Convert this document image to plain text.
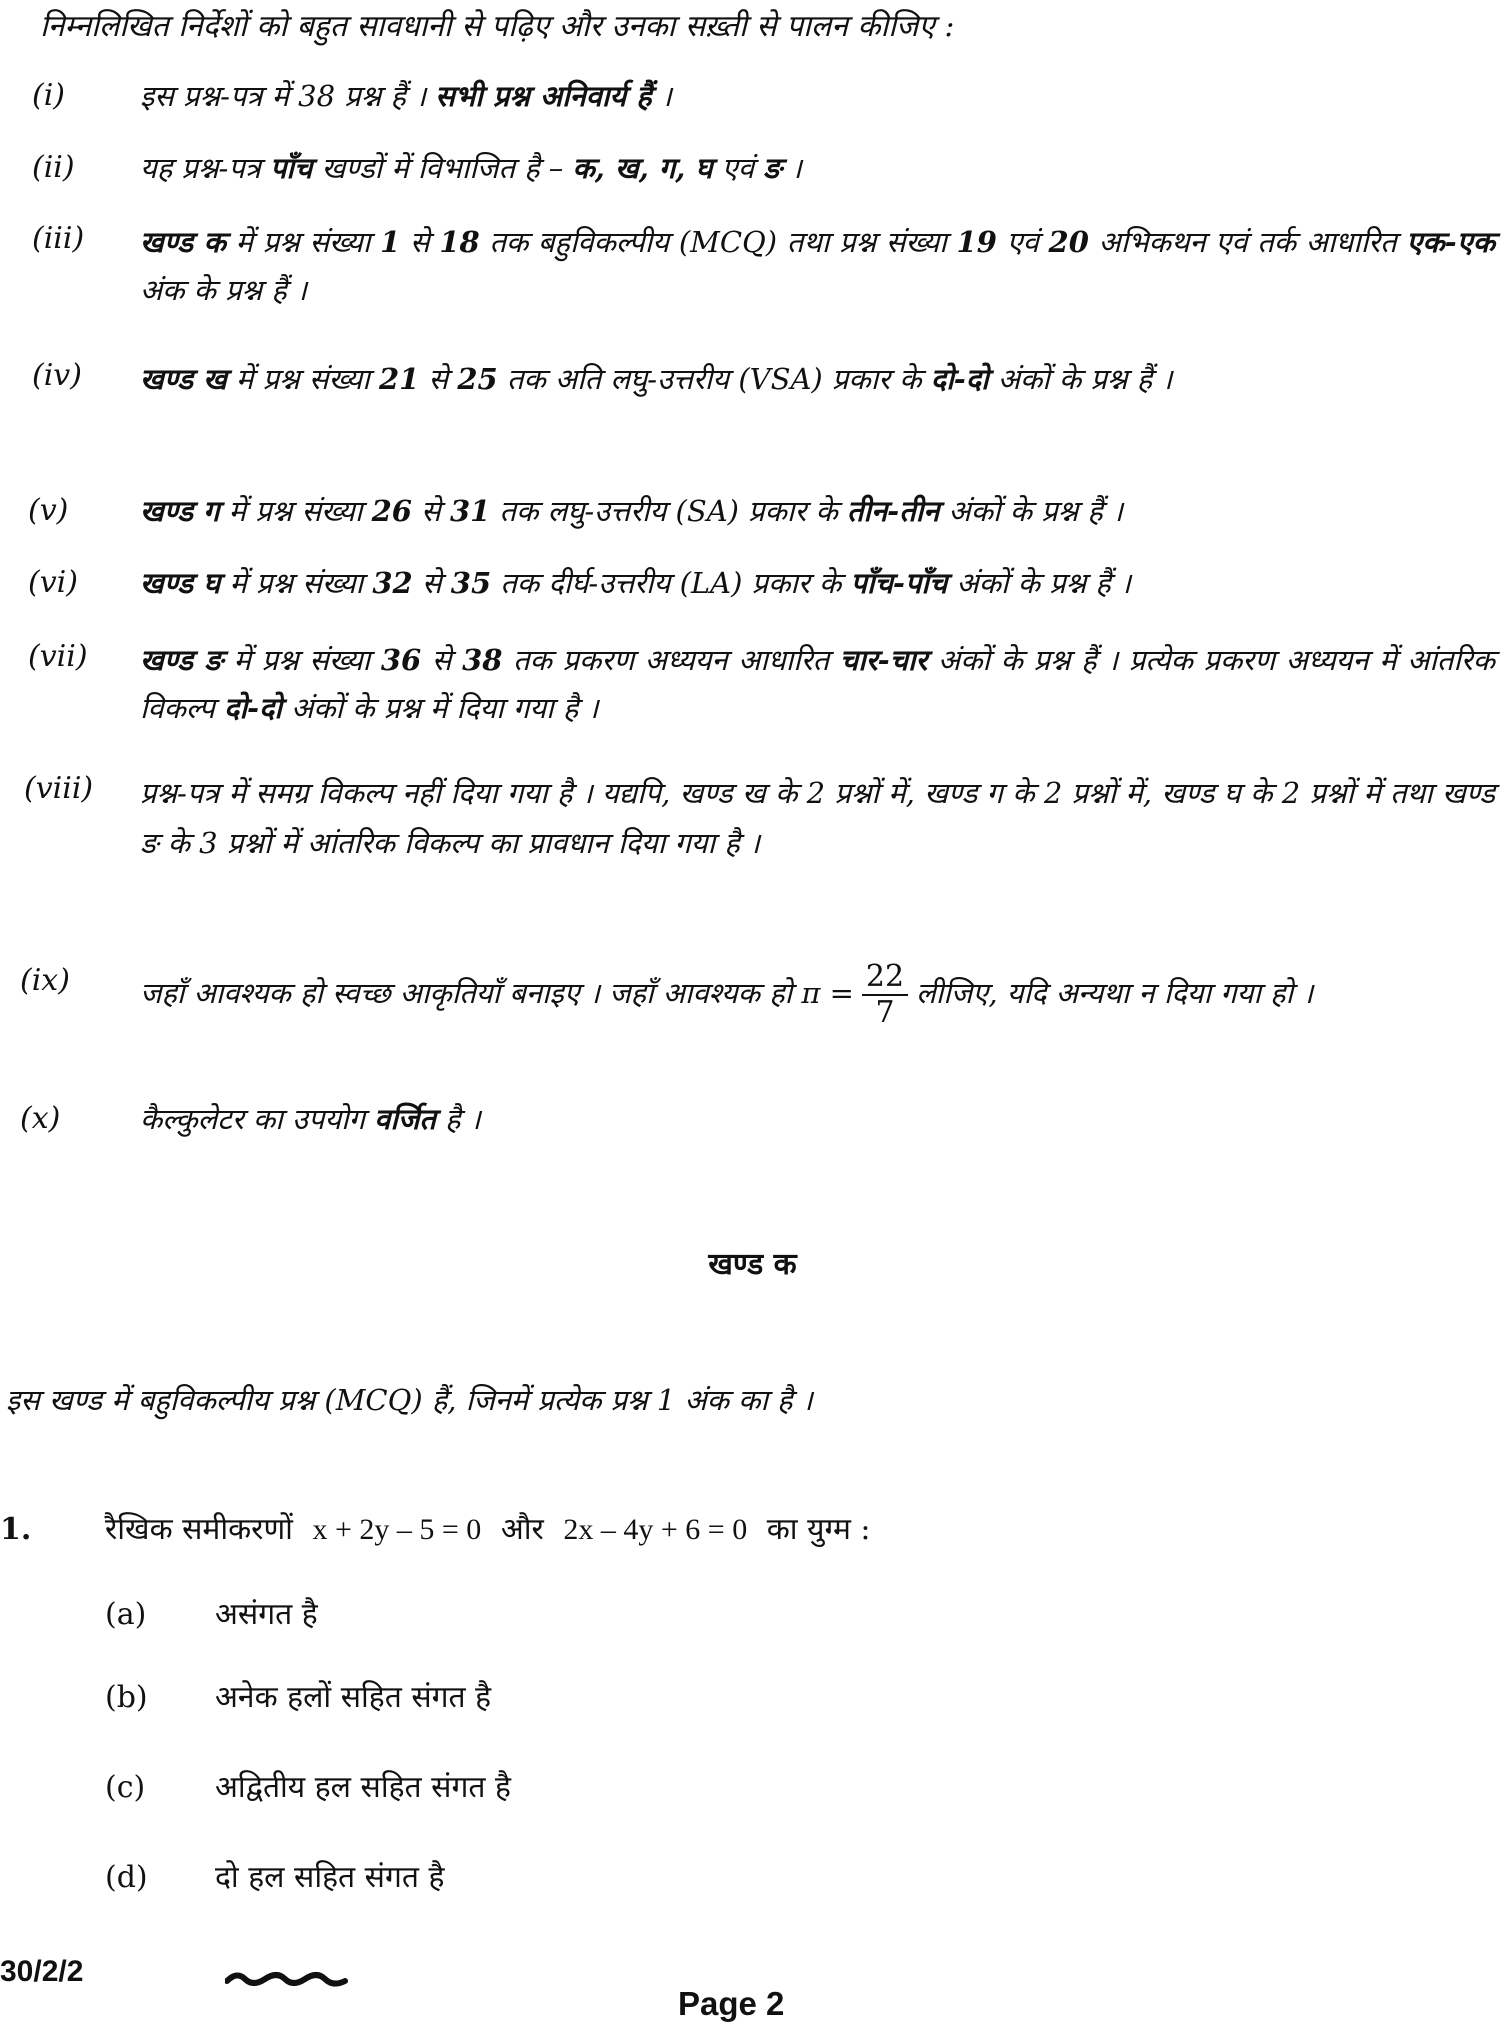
निम्नलिखित निर्देशों को बहुत सावधानी से पढ़िए और उनका सख़्ती से पालन कीजिए :
(i)	इस प्रश्न-पत्र में 38 प्रश्न हैं । सभी प्रश्न अनिवार्य हैं ।
(ii) यह प्रश्न-पत्र पाँच खण्डों में विभाजित है – क, ख, ग, घ एवं ङ ।
(iii) खण्ड क में प्रश्न संख्या 1 से 18 तक बहुविकल्पीय (MCQ) तथा प्रश्न संख्या 19 एवं 20 अभिकथन एवं तर्क आधारित एक-एक अंक के प्रश्न हैं ।
(iv) खण्ड ख में प्रश्न संख्या 21 से 25 तक अति लघु-उत्तरीय (VSA) प्रकार के दो-दो अंकों के प्रश्न हैं ।
(v) खण्ड ग में प्रश्न संख्या 26 से 31 तक लघु-उत्तरीय (SA) प्रकार के तीन-तीन अंकों के प्रश्न हैं ।
(vi) खण्ड घ में प्रश्न संख्या 32 से 35 तक दीर्घ-उत्तरीय (LA) प्रकार के पाँच-पाँच अंकों के प्रश्न हैं ।
(vii) खण्ड ङ में प्रश्न संख्या 36 से 38 तक प्रकरण अध्ययन आधारित चार-चार अंकों के प्रश्न हैं । प्रत्येक प्रकरण अध्ययन में आंतरिक विकल्प दो-दो अंकों के प्रश्न में दिया गया है ।
(viii) प्रश्न-पत्र में समग्र विकल्प नहीं दिया गया है । यद्यपि, खण्ड ख के 2 प्रश्नों में, खण्ड ग के 2 प्रश्नों में, खण्ड घ के 2 प्रश्नों में तथा खण्ड ङ के 3 प्रश्नों में आंतरिक विकल्प का प्रावधान दिया गया है ।
(ix) जहाँ आवश्यक हो स्वच्छ आकृतियाँ बनाइए । जहाँ आवश्यक हो $\pi = \frac{22}{7}$ लीजिए, यदि अन्यथा न दिया गया हो ।
(x)	कैल्कुलेटर का उपयोग वर्जित है ।
खण्ड क
इस खण्ड में बहुविकल्पीय प्रश्न (MCQ) हैं, जिनमें प्रत्येक प्रश्न 1 अंक का है ।
1. रैखिक समीकरणों x + 2y – 5 = 0 और 2x – 4y + 6 = 0 का युग्म :
(a) असंगत है
(b) अनेक हलों सहित संगत है
(c) अद्वितीय हल सहित संगत है
(d) दो हल सहित संगत है
30/2/2
Page 2
